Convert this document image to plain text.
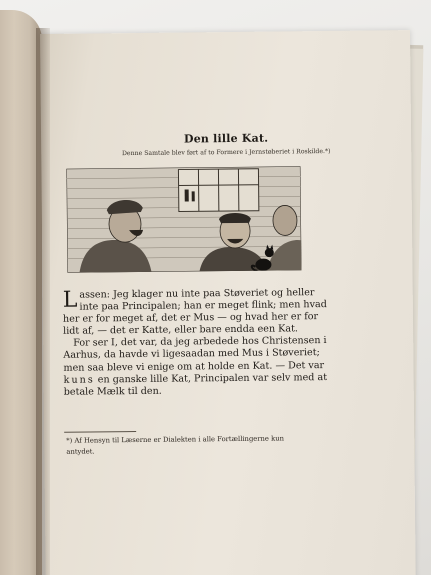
Den lille Kat.
Denne Samtale blev ført af to Formere i Jernstøberiet i Roskilde.*)
L assen: Jeg klager nu inte paa Støveriet og heller
inte paa Principalen; han er meget flink; men hvad
her er for meget af, det er Mus — og hvad her er for
lidt af, — det er Katte, eller bare endda een Kat.
For ser I, det var, da jeg arbedede hos Christensen i
Aarhus, da havde vi ligesaadan med Mus i Støveriet;
men saa bleve vi enige om at holde en Kat. — Det var
kuns en ganske lille Kat, Principalen var selv med at
betale Mælk til den.
*) Af Hensyn til Læserne er Dialekten i alle Fortællingerne kun
antydet.
